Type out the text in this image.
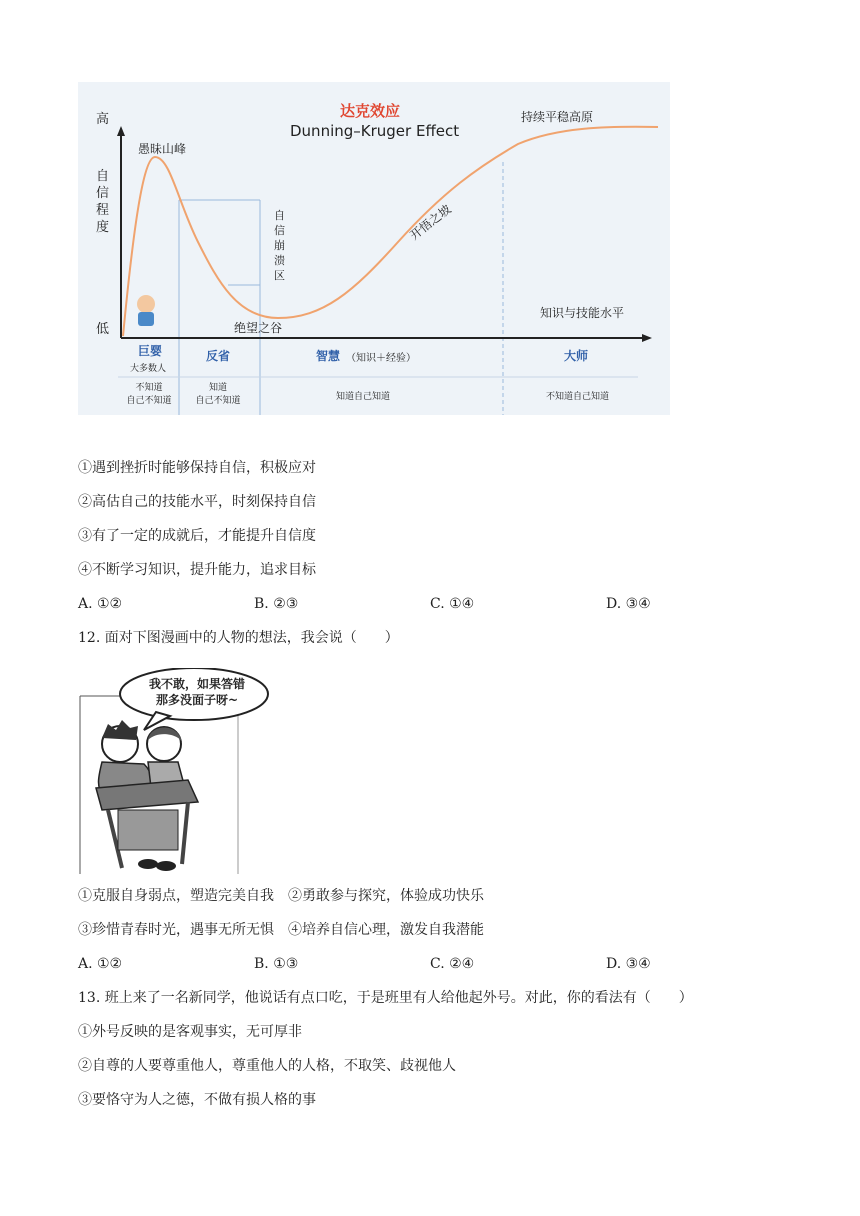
达克效应
Dunning–Kruger Effect
高
自
信
程
度
低
愚昧山峰
自
信
崩
溃
区
绝望之谷
开悟之坡
持续平稳高原
知识与技能水平
巨婴
大多数人
不知道
自己不知道
反省
知道
自己不知道
智慧 （知识＋经验）
知道自己知道
大师
不知道自己知道
①遇到挫折时能够保持自信，积极应对
②高估自己的技能水平，时刻保持自信
③有了一定的成就后，才能提升自信度
④不断学习知识，提升能力，追求目标
A. ①②	B. ②③	C. ①④	D. ③④
12. 面对下图漫画中的人物的想法，我会说（　　）
我不敢，如果答错
那多没面子呀~
①克服自身弱点，塑造完美自我　②勇敢参与探究，体验成功快乐
③珍惜青春时光，遇事无所无惧　④培养自信心理，激发自我潜能
A. ①②	B. ①③	C. ②④	D. ③④
13. 班上来了一名新同学，他说话有点口吃，于是班里有人给他起外号。对此，你的看法有（　　）
①外号反映的是客观事实，无可厚非
②自尊的人要尊重他人，尊重他人的人格，不取笑、歧视他人
③要恪守为人之德，不做有损人格的事
